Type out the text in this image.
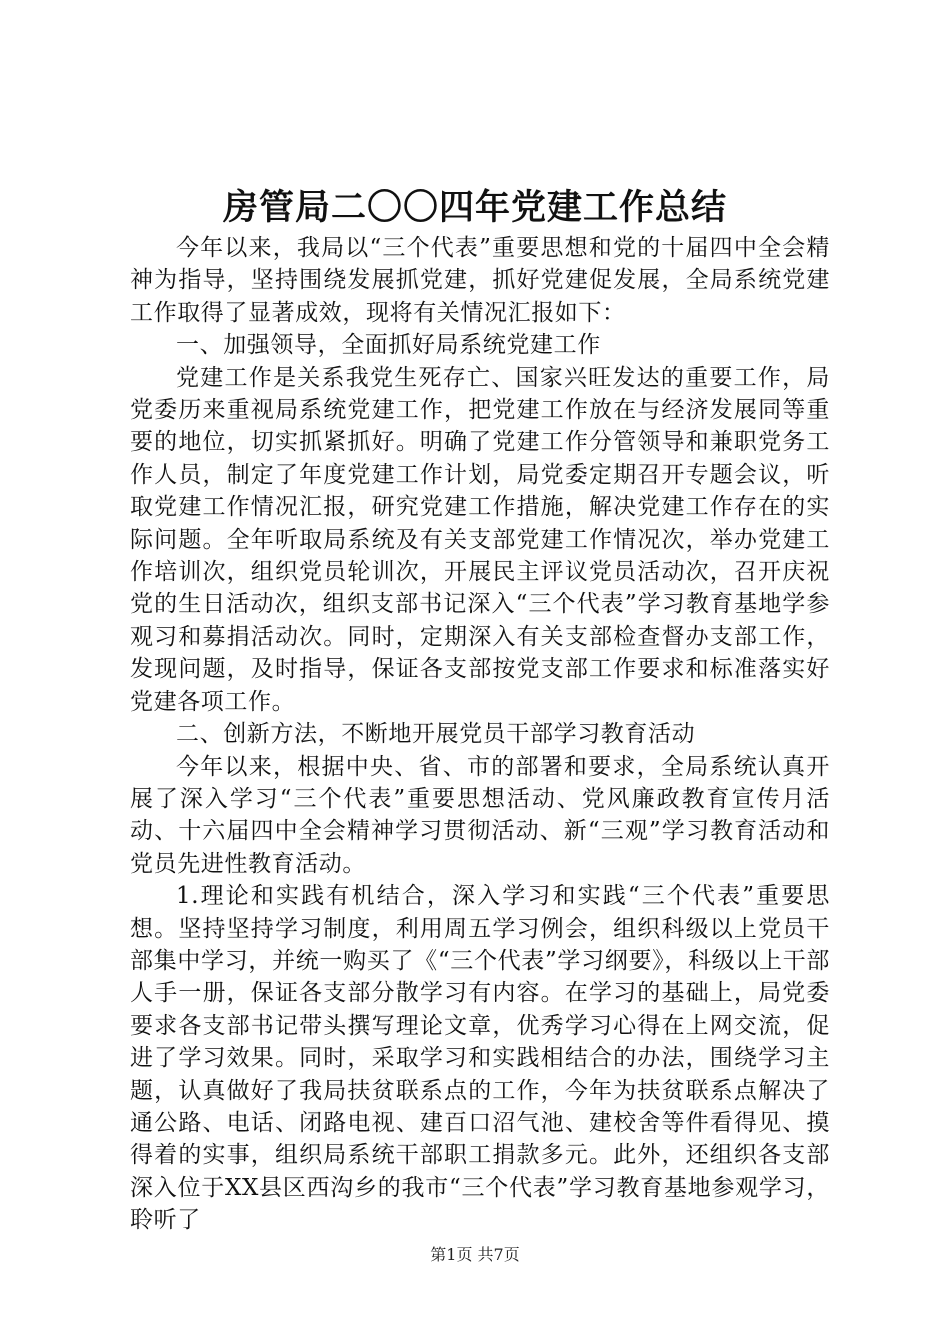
房管局二〇〇四年党建工作总结

今年以来，我局以“三个代表”重要思想和党的十届四中全会精神为指导，坚持围绕发展抓党建，抓好党建促发展，全局系统党建工作取得了显著成效，现将有关情况汇报如下：

一、加强领导，全面抓好局系统党建工作

党建工作是关系我党生死存亡、国家兴旺发达的重要工作，局党委历来重视局系统党建工作，把党建工作放在与经济发展同等重要的地位，切实抓紧抓好。明确了党建工作分管领导和兼职党务工作人员，制定了年度党建工作计划，局党委定期召开专题会议，听取党建工作情况汇报，研究党建工作措施，解决党建工作存在的实际问题。全年听取局系统及有关支部党建工作情况次，举办党建工作培训次，组织党员轮训次，开展民主评议党员活动次，召开庆祝党的生日活动次，组织支部书记深入“三个代表”学习教育基地学参观习和募捐活动次。同时，定期深入有关支部检查督办支部工作，发现问题，及时指导，保证各支部按党支部工作要求和标准落实好党建各项工作。

二、创新方法，不断地开展党员干部学习教育活动

今年以来，根据中央、省、市的部署和要求，全局系统认真开展了深入学习“三个代表”重要思想活动、党风廉政教育宣传月活动、十六届四中全会精神学习贯彻活动、新“三观”学习教育活动和党员先进性教育活动。

1.理论和实践有机结合，深入学习和实践“三个代表”重要思想。坚持坚持学习制度，利用周五学习例会，组织科级以上党员干部集中学习，并统一购买了《“三个代表”学习纲要》，科级以上干部人手一册，保证各支部分散学习有内容。在学习的基础上，局党委要求各支部书记带头撰写理论文章，优秀学习心得在上网交流，促进了学习效果。同时，采取学习和实践相结合的办法，围绕学习主题，认真做好了我局扶贫联系点的工作，今年为扶贫联系点解决了通公路、电话、闭路电视、建百口沼气池、建校舍等件看得见、摸得着的实事，组织局系统干部职工捐款多元。此外，还组织各支部深入位于XX县区西沟乡的我市“三个代表”学习教育基地参观学习，聆听了

第1页 共7页
